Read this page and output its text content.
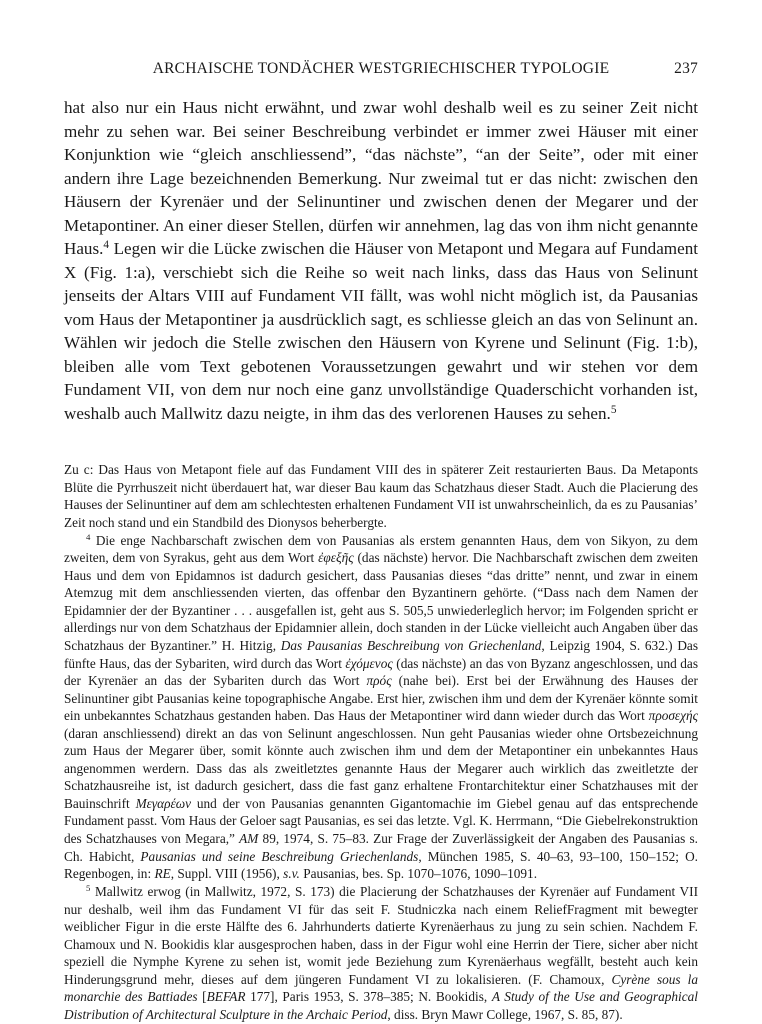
ARCHAISCHE TONDÄCHER WESTGRIECHISCHER TYPOLOGIE	237

hat also nur ein Haus nicht erwähnt, und zwar wohl deshalb weil es zu seiner Zeit nicht mehr zu sehen war. Bei seiner Beschreibung verbindet er immer zwei Häuser mit einer Konjunktion wie “gleich anschliessend”, “das nächste”, “an der Seite”, oder mit einer andern ihre Lage bezeichnenden Bemerkung. Nur zweimal tut er das nicht: zwischen den Häusern der Kyrenäer und der Selinuntiner und zwischen denen der Megarer und der Metapontiner. An einer dieser Stellen, dürfen wir annehmen, lag das von ihm nicht genannte Haus.$^4$ Legen wir die Lücke zwischen die Häuser von Metapont und Megara auf Fundament X (Fig. 1:a), verschiebt sich die Reihe so weit nach links, dass das Haus von Selinunt jenseits der Altars VIII auf Fundament VII fällt, was wohl nicht möglich ist, da Pausanias vom Haus der Metapontiner ja ausdrücklich sagt, es schliesse gleich an das von Selinunt an. Wählen wir jedoch die Stelle zwischen den Häusern von Kyrene und Selinunt (Fig. 1:b), bleiben alle vom Text gebotenen Voraussetzungen gewahrt und wir stehen vor dem Fundament VII, von dem nur noch eine ganz unvollständige Quaderschicht vorhanden ist, weshalb auch Mallwitz dazu neigte, in ihm das des verlorenen Hauses zu sehen.$^5$

Zu c: Das Haus von Metapont fiele auf das Fundament VIII des in späterer Zeit restaurierten Baus. Da Metaponts Blüte die Pyrrhuszeit nicht überdauert hat, war dieser Bau kaum das Schatzhaus dieser Stadt. Auch die Placierung des Hauses der Selinuntiner auf dem am schlechtesten erhaltenen Fundament VII ist unwahrscheinlich, da es zu Pausanias’ Zeit noch stand und ein Standbild des Dionysos beherbergte.

$^4$ Die enge Nachbarschaft zwischen dem von Pausanias als erstem genannten Haus, dem von Sikyon, zu dem zweiten, dem von Syrakus, geht aus dem Wort ἐφεξῆς (das nächste) hervor. Die Nachbarschaft zwischen dem zweiten Haus und dem von Epidamnos ist dadurch gesichert, dass Pausanias dieses “das dritte” nennt, und zwar in einem Atemzug mit dem anschliessenden vierten, das offenbar den Byzantinern gehörte. (“Dass nach dem Namen der Epidamnier der der Byzantiner . . . ausgefallen ist, geht aus S. 505,5 unwiederleglich hervor; im Folgenden spricht er allerdings nur von dem Schatzhaus der Epidamnier allein, doch standen in der Lücke vielleicht auch Angaben über das Schatzhaus der Byzantiner.” H. Hitzig, Das Pausanias Beschreibung von Griechenland, Leipzig 1904, S. 632.) Das fünfte Haus, das der Sybariten, wird durch das Wort ἐχόμενος (das nächste) an das von Byzanz angeschlossen, und das der Kyrenäer an das der Sybariten durch das Wort πρός (nahe bei). Erst bei der Erwähnung des Hauses der Selinuntiner gibt Pausanias keine topographische Angabe. Erst hier, zwischen ihm und dem der Kyrenäer könnte somit ein unbekanntes Schatzhaus gestanden haben. Das Haus der Metapontiner wird dann wieder durch das Wort προσεχής (daran anschliessend) direkt an das von Selinunt angeschlossen. Nun geht Pausanias wieder ohne Ortsbezeichnung zum Haus der Megarer über, somit könnte auch zwischen ihm und dem der Metapontiner ein unbekanntes Haus angenommen werdern. Dass das als zweitletztes genannte Haus der Megarer auch wirklich das zweitletzte der Schatzhausreihe ist, ist dadurch gesichert, dass die fast ganz erhaltene Frontarchitektur einer Schatzhauses mit der Bauinschrift Μεγαρέων und der von Pausanias genannten Gigantomachie im Giebel genau auf das entsprechende Fundament passt. Vom Haus der Geloer sagt Pausanias, es sei das letzte. Vgl. K. Herrmann, “Die Giebelrekonstruktion des Schatzhauses von Megara,” AM 89, 1974, S. 75–83. Zur Frage der Zuverlässigkeit der Angaben des Pausanias s. Ch. Habicht, Pausanias und seine Beschreibung Griechenlands, München 1985, S. 40–63, 93–100, 150–152; O. Regenbogen, in: RE, Suppl. VIII (1956), s.v. Pausanias, bes. Sp. 1070–1076, 1090–1091.

$^5$ Mallwitz erwog (in Mallwitz, 1972, S. 173) die Placierung der Schatzhauses der Kyrenäer auf Fundament VII nur deshalb, weil ihm das Fundament VI für das seit F. Studniczka nach einem ReliefFragment mit bewegter weiblicher Figur in die erste Hälfte des 6. Jahrhunderts datierte Kyrenäerhaus zu jung zu sein schien. Nachdem F. Chamoux und N. Bookidis klar ausgesprochen haben, dass in der Figur wohl eine Herrin der Tiere, sicher aber nicht speziell die Nymphe Kyrene zu sehen ist, womit jede Beziehung zum Kyrenäerhaus wegfällt, besteht auch kein Hinderungsgrund mehr, dieses auf dem jüngeren Fundament VI zu lokalisieren. (F. Chamoux, Cyrène sous la monarchie des Battiades [BEFAR 177], Paris 1953, S. 378–385; N. Bookidis, A Study of the Use and Geographical Distribution of Architectural Sculpture in the Archaic Period, diss. Bryn Mawr College, 1967, S. 85, 87).
